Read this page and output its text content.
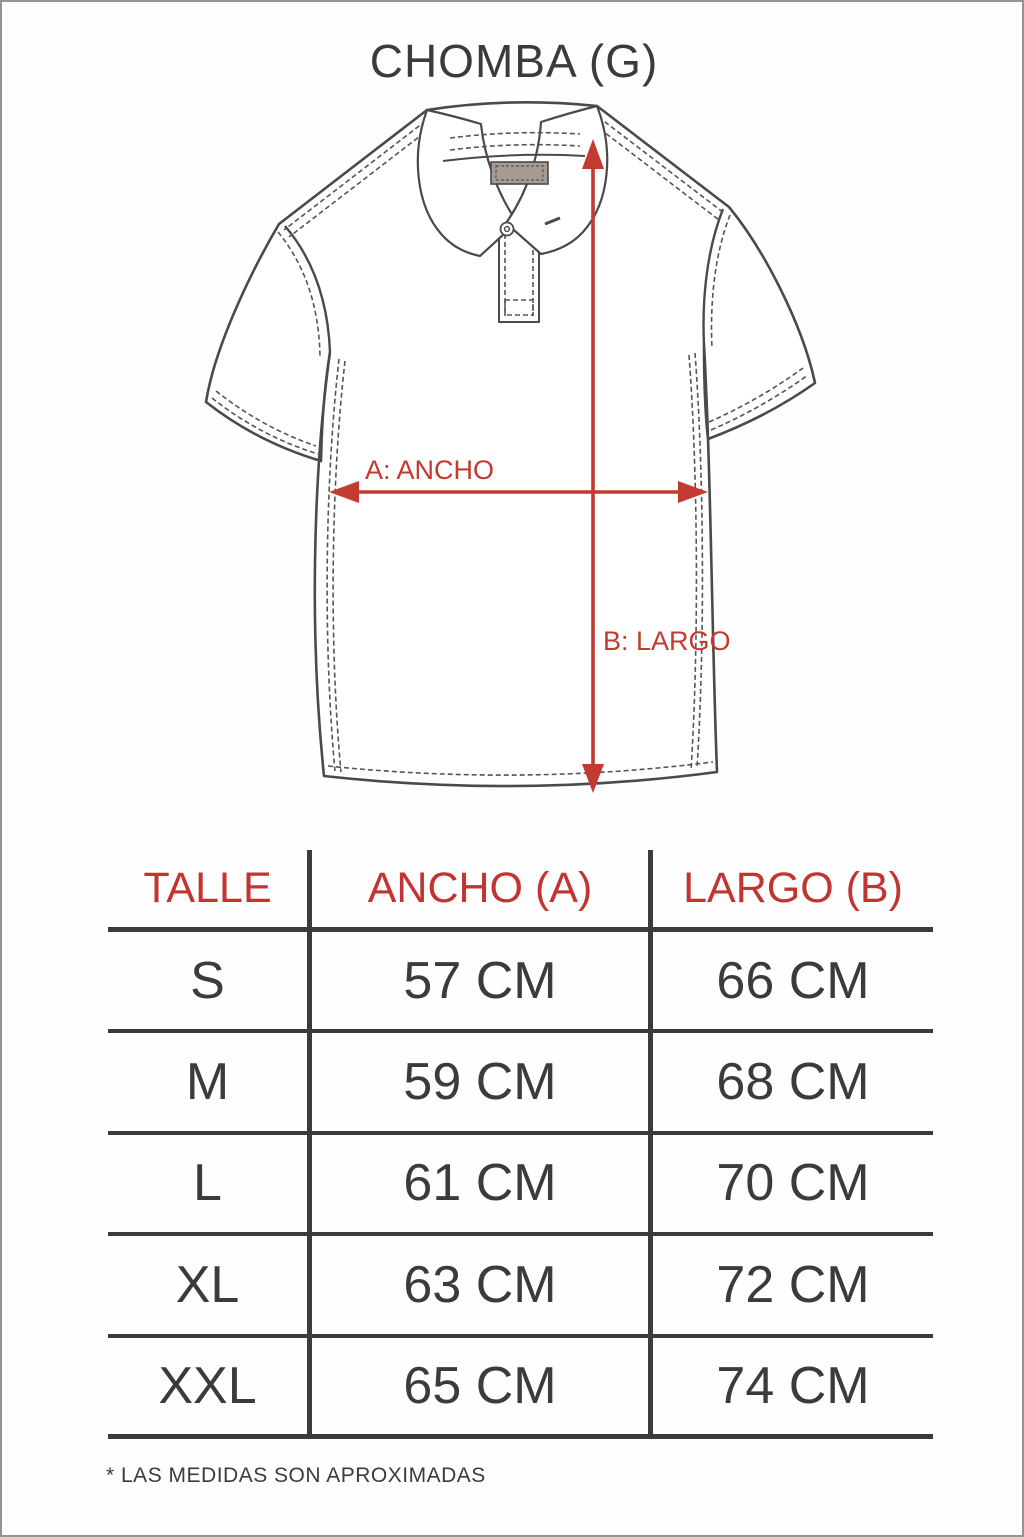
CHOMBA (G)
A: ANCHO
B: LARGO
TALLE	ANCHO (A)	LARGO (B)
S	57 CM	66 CM
M	59 CM	68 CM
L	61 CM	70 CM
XL	63 CM	72 CM
XXL	65 CM	74 CM
* LAS MEDIDAS SON APROXIMADAS
